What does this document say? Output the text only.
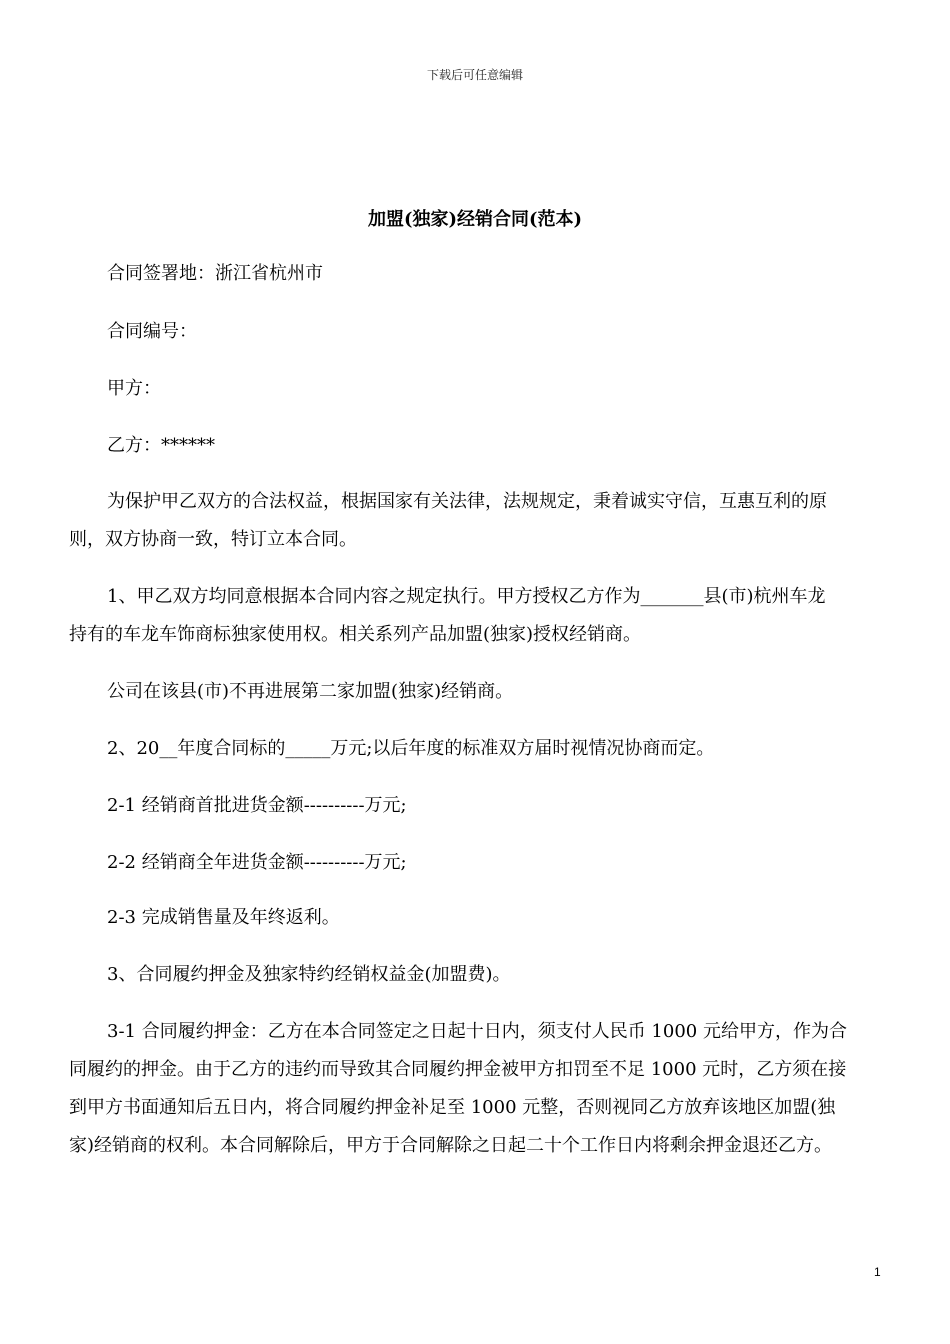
下载后可任意编辑
加盟(独家)经销合同(范本)
合同签署地：浙江省杭州市
合同编号：
甲方：
乙方：******
为保护甲乙双方的合法权益，根据国家有关法律，法规规定，秉着诚实守信，互惠互利的原
则，双方协商一致，特订立本合同。
1、甲乙双方均同意根据本合同内容之规定执行。甲方授权乙方作为_______县(市)杭州车龙
持有的车龙车饰商标独家使用权。相关系列产品加盟(独家)授权经销商。
公司在该县(市)不再进展第二家加盟(独家)经销商。
2、20__年度合同标的_____万元;以后年度的标准双方届时视情况协商而定。
2-1 经销商首批进货金额----------万元;
2-2 经销商全年进货金额----------万元;
2-3 完成销售量及年终返利。
3、合同履约押金及独家特约经销权益金(加盟费)。
3-1 合同履约押金：乙方在本合同签定之日起十日内，须支付人民币 1000 元给甲方，作为合
同履约的押金。由于乙方的违约而导致其合同履约押金被甲方扣罚至不足 1000 元时，乙方须在接
到甲方书面通知后五日内，将合同履约押金补足至 1000 元整，否则视同乙方放弃该地区加盟(独
家)经销商的权利。本合同解除后，甲方于合同解除之日起二十个工作日内将剩余押金退还乙方。
1
